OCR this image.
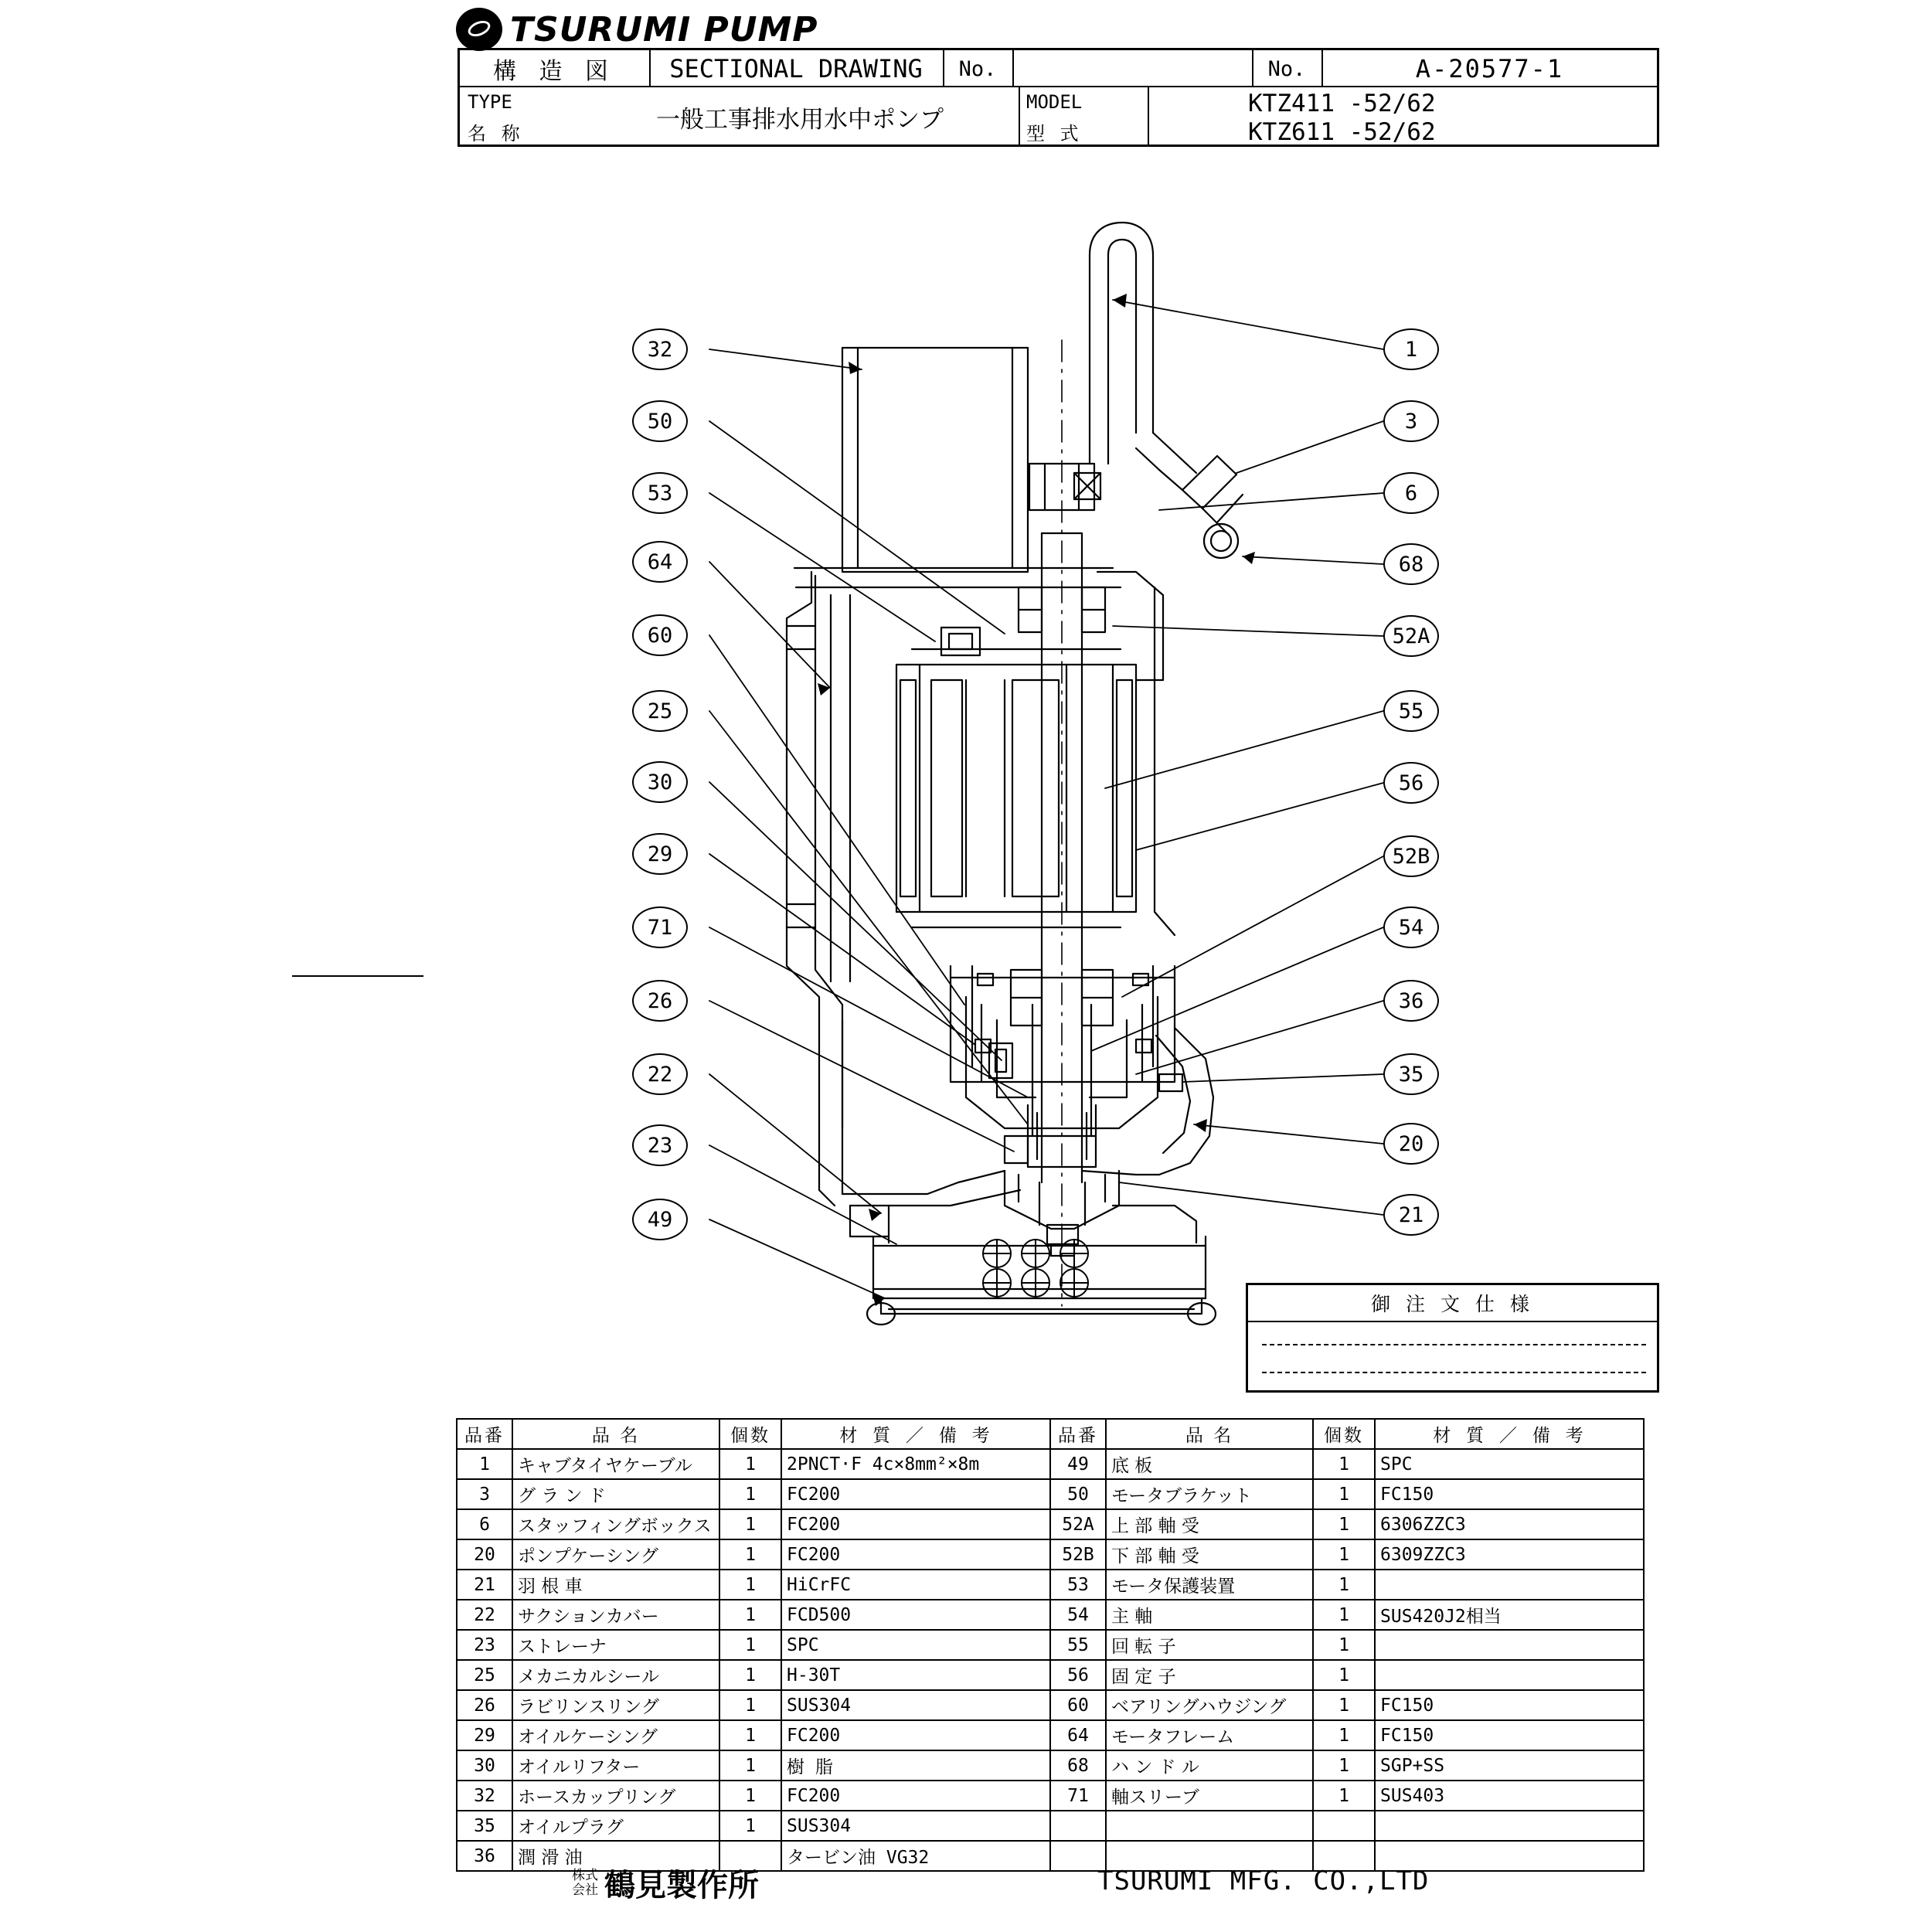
TSURUMI PUMP
構 造 図	SECTIONAL DRAWING	No.	No.	A-20577-1
TYPE
名 称	一般工事排水用水中ポンプ
MODEL
型 式
KTZ411 -52/62
KTZ611 -52/62
32
50
53
64
60
25
30
29
71
26
22
23
49
1
3
6
68
52A
55
56
52B
54
36
35
20
21
御 注 文 仕 様
品番	品 名	個数	材 質 ／ 備 考	品番	品 名	個数	材 質 ／ 備 考
1	キャブタイヤケーブル	1	2PNCT·F 4c×8mm²×8m	49	底 板	1	SPC
3	グ ラ ン ド	1	FC200	50	モータブラケット	1	FC150
6	スタッフィングボックス	1	FC200	52A	上 部 軸 受	1	6306ZZC3
20	ポンプケーシング	1	FC200	52B	下 部 軸 受	1	6309ZZC3
21	羽 根 車	1	HiCrFC	53	モータ保護装置	1	
22	サクションカバー	1	FCD500	54	主 軸	1	SUS420J2相当
23	ストレーナ	1	SPC	55	回 転 子	1	
25	メカニカルシール	1	H-30T	56	固 定 子	1	
26	ラビリンスリング	1	SUS304	60	ベアリングハウジング	1	FC150
29	オイルケーシング	1	FC200	64	モータフレーム	1	FC150
30	オイルリフター	1	樹 脂	68	ハ ン ド ル	1	SGP+SS
32	ホースカップリング	1	FC200	71	軸スリーブ	1	SUS403
35	オイルプラグ	1	SUS304				
36	潤 滑 油		タービン油 VG32				
株式
会社 鶴見製作所	TSURUMI MFG. CO.,LTD
